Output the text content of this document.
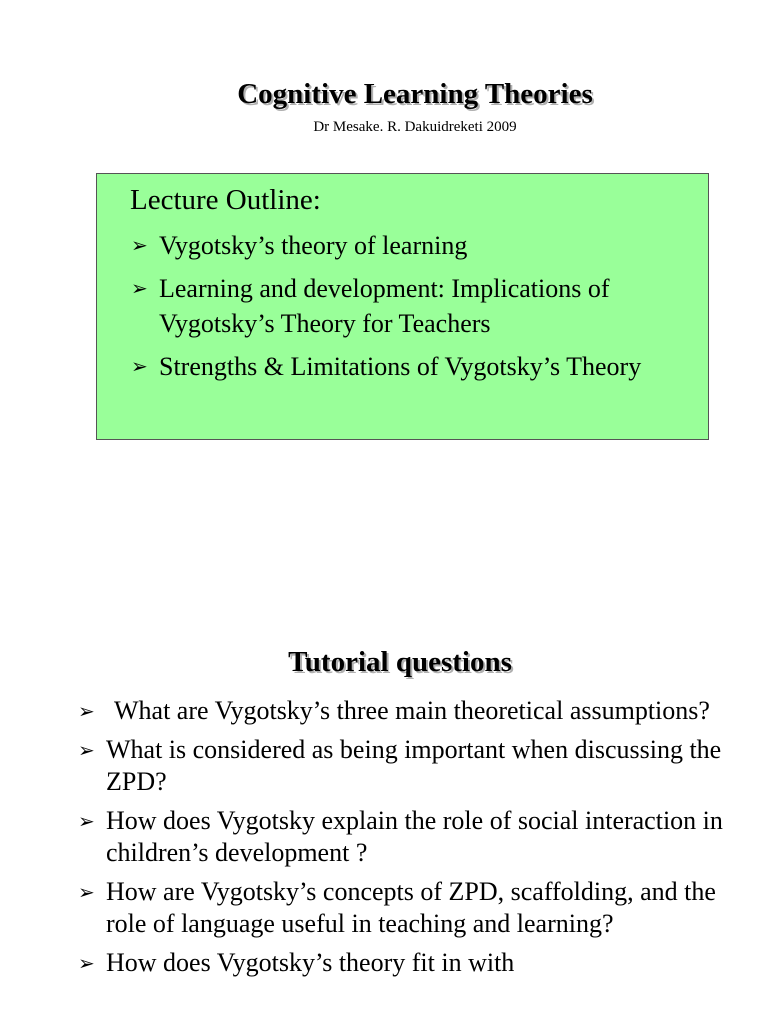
Cognitive Learning Theories

Dr Mesake. R. Dakuidreketi 2009

Lecture Outline:

➢ Vygotsky’s theory of learning
➢ Learning and development: Implications of Vygotsky’s Theory for Teachers
➢ Strengths & Limitations of Vygotsky’s Theory
Tutorial questions
➢ What are Vygotsky’s three main theoretical assumptions?
➢ What is considered as being important when discussing the ZPD?
➢ How does Vygotsky explain the role of social interaction in children’s development ?
➢ How are Vygotsky’s concepts of ZPD, scaffolding, and the role of language useful in teaching and learning?
➢ How does Vygotsky’s theory fit in with
